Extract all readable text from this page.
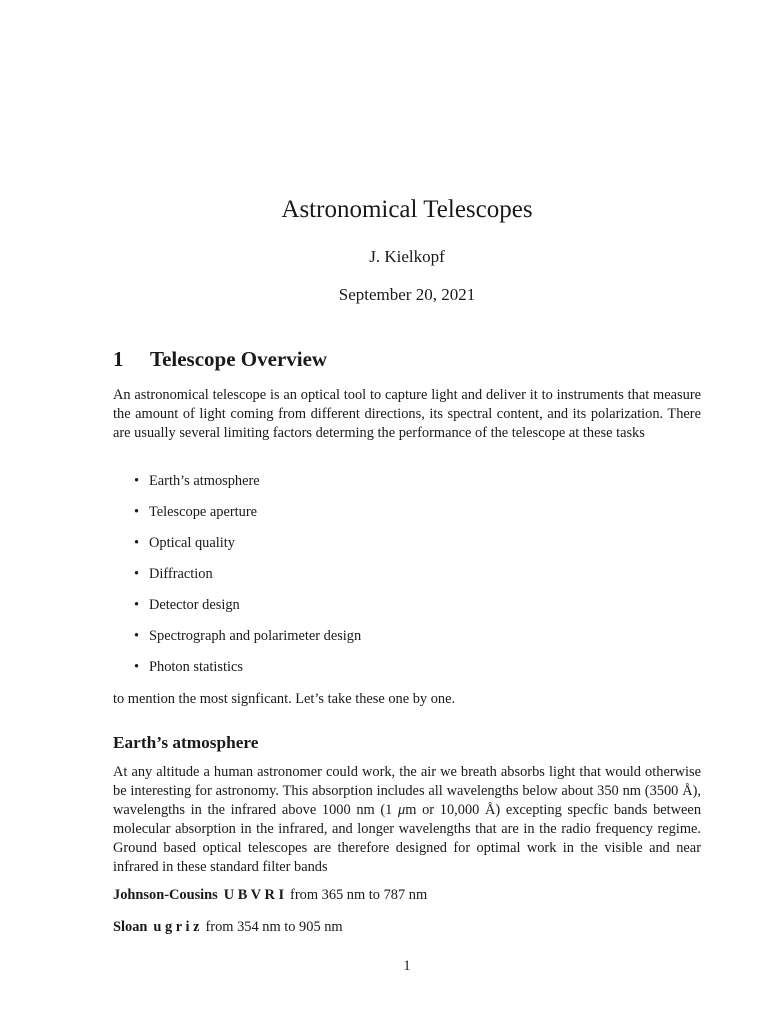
Astronomical Telescopes
J. Kielkopf
September 20, 2021
1 Telescope Overview

An astronomical telescope is an optical tool to capture light and deliver it to instruments that measure the amount of light coming from different directions, its spectral content, and its polarization. There are usually several limiting factors determing the performance of the telescope at these tasks

• Earth’s atmosphere
• Telescope aperture
• Optical quality
• Diffraction
• Detector design
• Spectrograph and polarimeter design
• Photon statistics

to mention the most signficant. Let’s take these one by one.

Earth’s atmosphere

At any altitude a human astronomer could work, the air we breath absorbs light that would otherwise be interesting for astronomy. This absorption includes all wavelengths below about 350 nm (3500 Å), wavelengths in the infrared above 1000 nm (1 μm or 10,000 Å) excepting specfic bands between molecular absorption in the infrared, and longer wavelengths that are in the radio frequency regime. Ground based optical telescopes are therefore designed for optimal work in the visible and near infrared in these standard filter bands

Johnson-Cousins U B V R I from 365 nm to 787 nm
Sloan u g r i z from 354 nm to 905 nm
1
